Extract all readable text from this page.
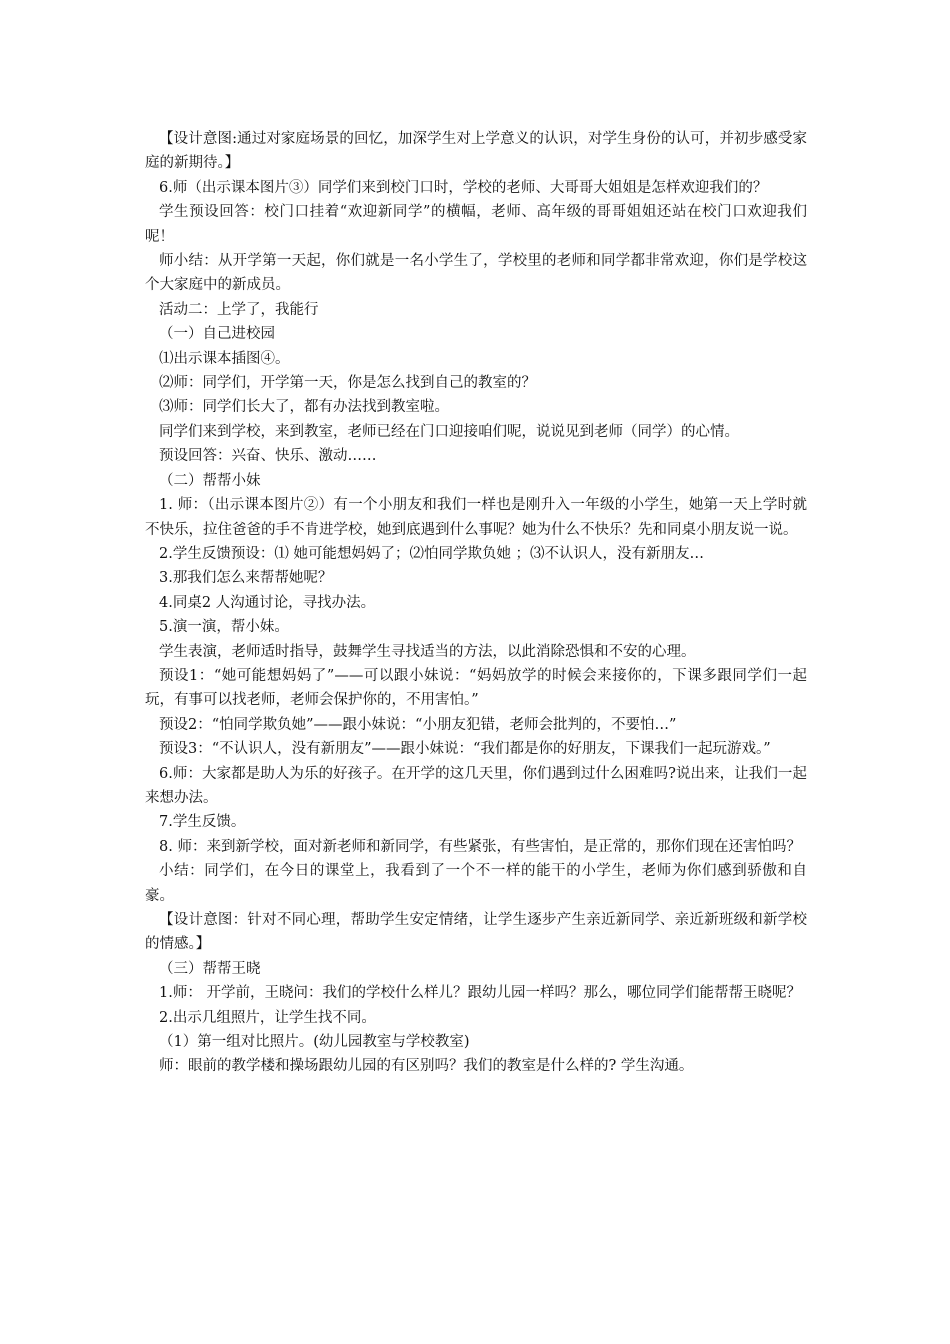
【设计意图:通过对家庭场景的回忆，加深学生对上学意义的认识，对学生身份的认可，并初步感受家庭的新期待。】

6.师（出示课本图片③）同学们来到校门口时，学校的老师、大哥哥大姐姐是怎样欢迎我们的？

学生预设回答：校门口挂着“欢迎新同学”的横幅，老师、高年级的哥哥姐姐还站在校门口欢迎我们呢！

师小结：从开学第一天起，你们就是一名小学生了，学校里的老师和同学都非常欢迎，你们是学校这个大家庭中的新成员。

活动二：上学了，我能行

（一）自己进校园

⑴出示课本插图④。

⑵师：同学们，开学第一天，你是怎么找到自己的教室的？

⑶师：同学们长大了，都有办法找到教室啦。

同学们来到学校，来到教室，老师已经在门口迎接咱们呢，说说见到老师（同学）的心情。

预设回答：兴奋、快乐、激动……

（二）帮帮小妹

1. 师：（出示课本图片②）有一个小朋友和我们一样也是刚升入一年级的小学生，她第一天上学时就不快乐，拉住爸爸的手不肯进学校，她到底遇到什么事呢？她为什么不快乐？先和同桌小朋友说一说。

2.学生反馈预设：⑴ 她可能想妈妈了；⑵怕同学欺负她 ；⑶不认识人，没有新朋友…

3.那我们怎么来帮帮她呢？

4.同桌2 人沟通讨论，寻找办法。

5.演一演，帮小妹。

学生表演，老师适时指导，鼓舞学生寻找适当的方法，以此消除恐惧和不安的心理。

预设1：“她可能想妈妈了”——可以跟小妹说：“妈妈放学的时候会来接你的，下课多跟同学们一起玩，有事可以找老师，老师会保护你的，不用害怕。”

预设2：“怕同学欺负她”——跟小妹说：“小朋友犯错，老师会批判的，不要怕…”

预设3：“不认识人，没有新朋友”——跟小妹说：“我们都是你的好朋友，下课我们一起玩游戏。”

6.师：大家都是助人为乐的好孩子。在开学的这几天里，你们遇到过什么困难吗?说出来，让我们一起来想办法。

7.学生反馈。

8. 师：来到新学校，面对新老师和新同学，有些紧张，有些害怕，是正常的，那你们现在还害怕吗？

小结：同学们，在今日的课堂上，我看到了一个不一样的能干的小学生，老师为你们感到骄傲和自豪。

【设计意图：针对不同心理，帮助学生安定情绪，让学生逐步产生亲近新同学、亲近新班级和新学校的情感。】

（三）帮帮王晓

1.师： 开学前，王晓问：我们的学校什么样儿？跟幼儿园一样吗？那么，哪位同学们能帮帮王晓呢？

2.出示几组照片，让学生找不同。

（1）第一组对比照片。(幼儿园教室与学校教室)

师：眼前的教学楼和操场跟幼儿园的有区别吗？我们的教室是什么样的? 学生沟通。
